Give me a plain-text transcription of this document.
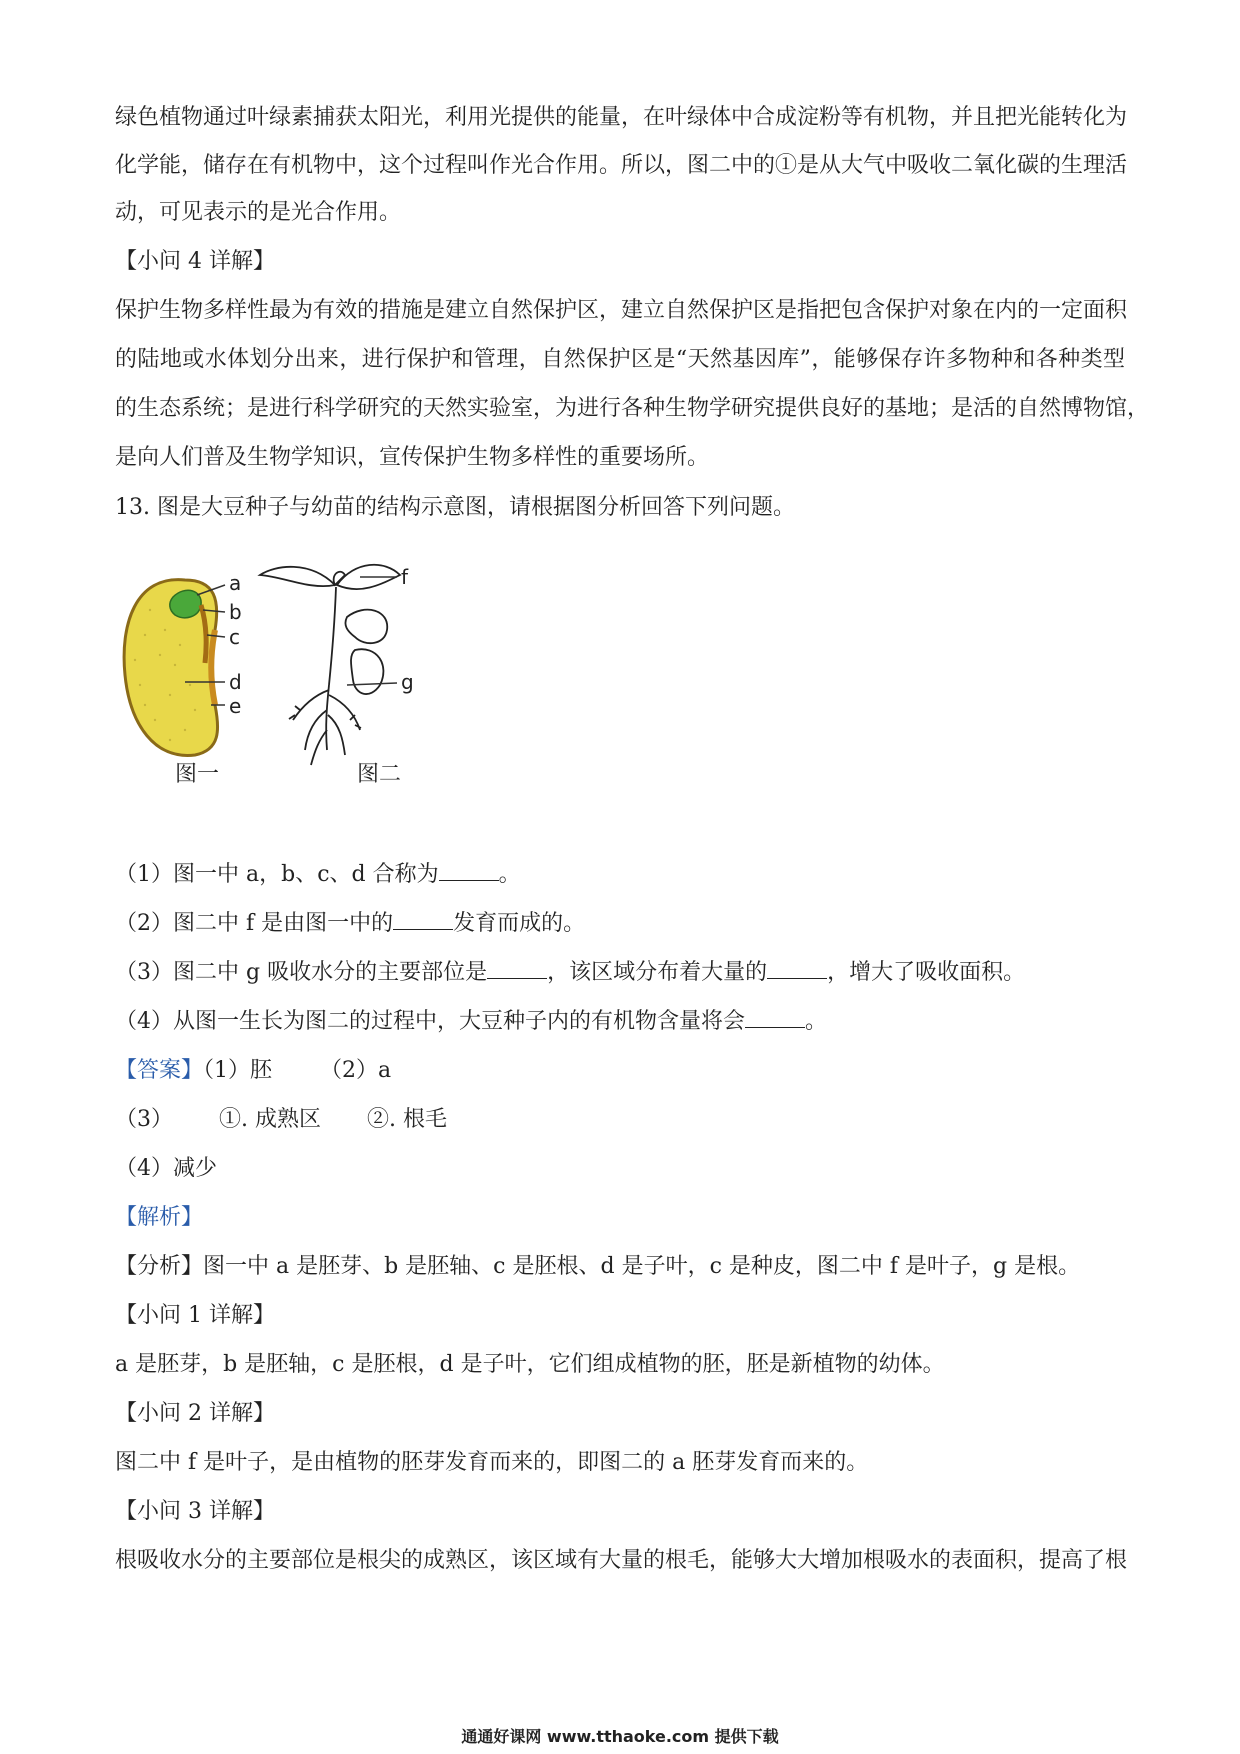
绿色植物通过叶绿素捕获太阳光，利用光提供的能量，在叶绿体中合成淀粉等有机物，并且把光能转化为
化学能，储存在有机物中，这个过程叫作光合作用。所以，图二中的①是从大气中吸收二氧化碳的生理活
动，可见表示的是光合作用。
【小问 4 详解】
保护生物多样性最为有效的措施是建立自然保护区，建立自然保护区是指把包含保护对象在内的一定面积
的陆地或水体划分出来，进行保护和管理，自然保护区是“天然基因库”，能够保存许多物种和各种类型
的生态系统；是进行科学研究的天然实验室，为进行各种生物学研究提供良好的基地；是活的自然博物馆，
是向人们普及生物学知识，宣传保护生物多样性的重要场所。
13. 图是大豆种子与幼苗的结构示意图，请根据图分析回答下列问题。
a
b
c
d
e
f
g
图一	图二
（1）图一中 a，b、c、d 合称为	。
（2）图二中 f 是由图一中的	发育而成的。
（3）图二中 g 吸收水分的主要部位是	，该区域分布着大量的	，增大了吸收面积。
（4）从图一生长为图二的过程中，大豆种子内的有机物含量将会	。
【答案】（1）胚 （2）a
（3） ①. 成熟区 ②. 根毛
（4）减少
【解析】
【分析】图一中 a 是胚芽、b 是胚轴、c 是胚根、d 是子叶，c 是种皮，图二中 f 是叶子，g 是根。
【小问 1 详解】
a 是胚芽，b 是胚轴，c 是胚根，d 是子叶，它们组成植物的胚，胚是新植物的幼体。
【小问 2 详解】
图二中 f 是叶子，是由植物的胚芽发育而来的，即图二的 a 胚芽发育而来的。
【小问 3 详解】
根吸收水分的主要部位是根尖的成熟区，该区域有大量的根毛，能够大大增加根吸水的表面积，提高了根
通通好课网 www.tthaoke.com 提供下载
